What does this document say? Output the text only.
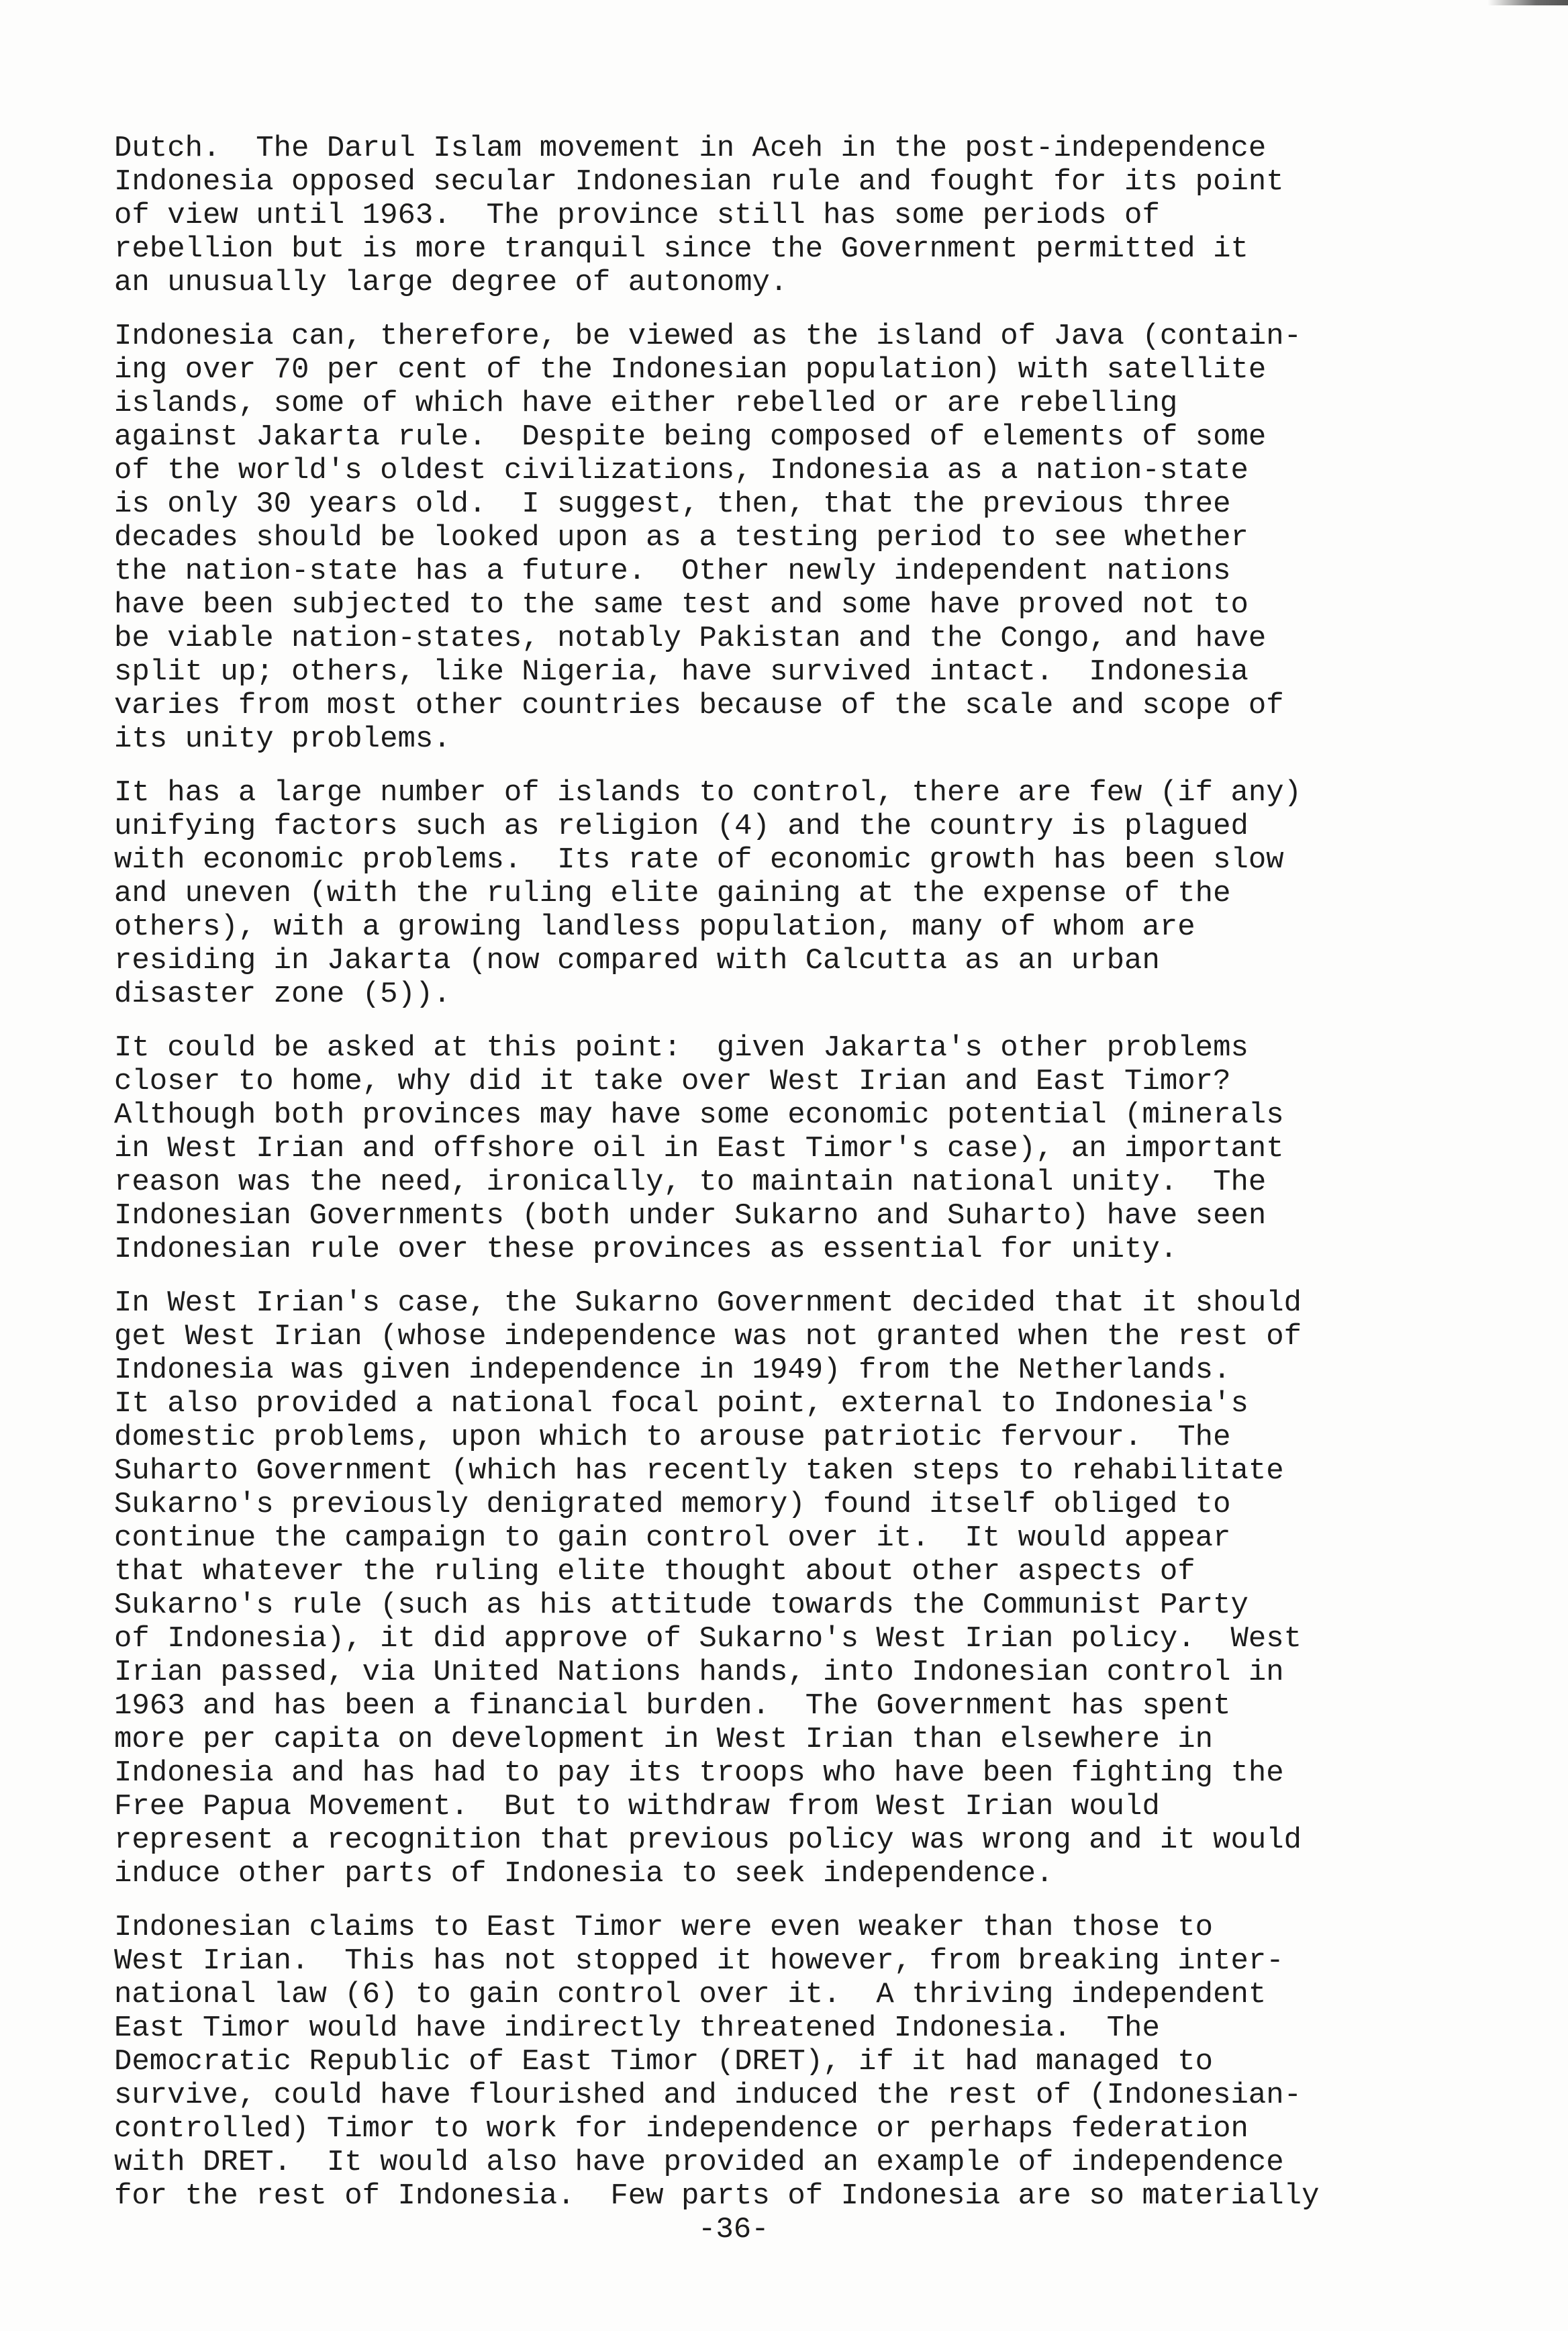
Dutch.  The Darul Islam movement in Aceh in the post-independence
Indonesia opposed secular Indonesian rule and fought for its point
of view until 1963.  The province still has some periods of
rebellion but is more tranquil since the Government permitted it
an unusually large degree of autonomy.
Indonesia can, therefore, be viewed as the island of Java (contain-
ing over 70 per cent of the Indonesian population) with satellite
islands, some of which have either rebelled or are rebelling
against Jakarta rule.  Despite being composed of elements of some
of the world's oldest civilizations, Indonesia as a nation-state
is only 30 years old.  I suggest, then, that the previous three
decades should be looked upon as a testing period to see whether
the nation-state has a future.  Other newly independent nations
have been subjected to the same test and some have proved not to
be viable nation-states, notably Pakistan and the Congo, and have
split up; others, like Nigeria, have survived intact.  Indonesia
varies from most other countries because of the scale and scope of
its unity problems.
It has a large number of islands to control, there are few (if any)
unifying factors such as religion (4) and the country is plagued
with economic problems.  Its rate of economic growth has been slow
and uneven (with the ruling elite gaining at the expense of the
others), with a growing landless population, many of whom are
residing in Jakarta (now compared with Calcutta as an urban
disaster zone (5)).
It could be asked at this point:  given Jakarta's other problems
closer to home, why did it take over West Irian and East Timor?
Although both provinces may have some economic potential (minerals
in West Irian and offshore oil in East Timor's case), an important
reason was the need, ironically, to maintain national unity.  The
Indonesian Governments (both under Sukarno and Suharto) have seen
Indonesian rule over these provinces as essential for unity.
In West Irian's case, the Sukarno Government decided that it should
get West Irian (whose independence was not granted when the rest of
Indonesia was given independence in 1949) from the Netherlands.
It also provided a national focal point, external to Indonesia's
domestic problems, upon which to arouse patriotic fervour.  The
Suharto Government (which has recently taken steps to rehabilitate
Sukarno's previously denigrated memory) found itself obliged to
continue the campaign to gain control over it.  It would appear
that whatever the ruling elite thought about other aspects of
Sukarno's rule (such as his attitude towards the Communist Party
of Indonesia), it did approve of Sukarno's West Irian policy.  West
Irian passed, via United Nations hands, into Indonesian control in
1963 and has been a financial burden.  The Government has spent
more per capita on development in West Irian than elsewhere in
Indonesia and has had to pay its troops who have been fighting the
Free Papua Movement.  But to withdraw from West Irian would
represent a recognition that previous policy was wrong and it would
induce other parts of Indonesia to seek independence.
Indonesian claims to East Timor were even weaker than those to
West Irian.  This has not stopped it however, from breaking inter-
national law (6) to gain control over it.  A thriving independent
East Timor would have indirectly threatened Indonesia.  The
Democratic Republic of East Timor (DRET), if it had managed to
survive, could have flourished and induced the rest of (Indonesian-
controlled) Timor to work for independence or perhaps federation
with DRET.  It would also have provided an example of independence
for the rest of Indonesia.  Few parts of Indonesia are so materially
-36-
